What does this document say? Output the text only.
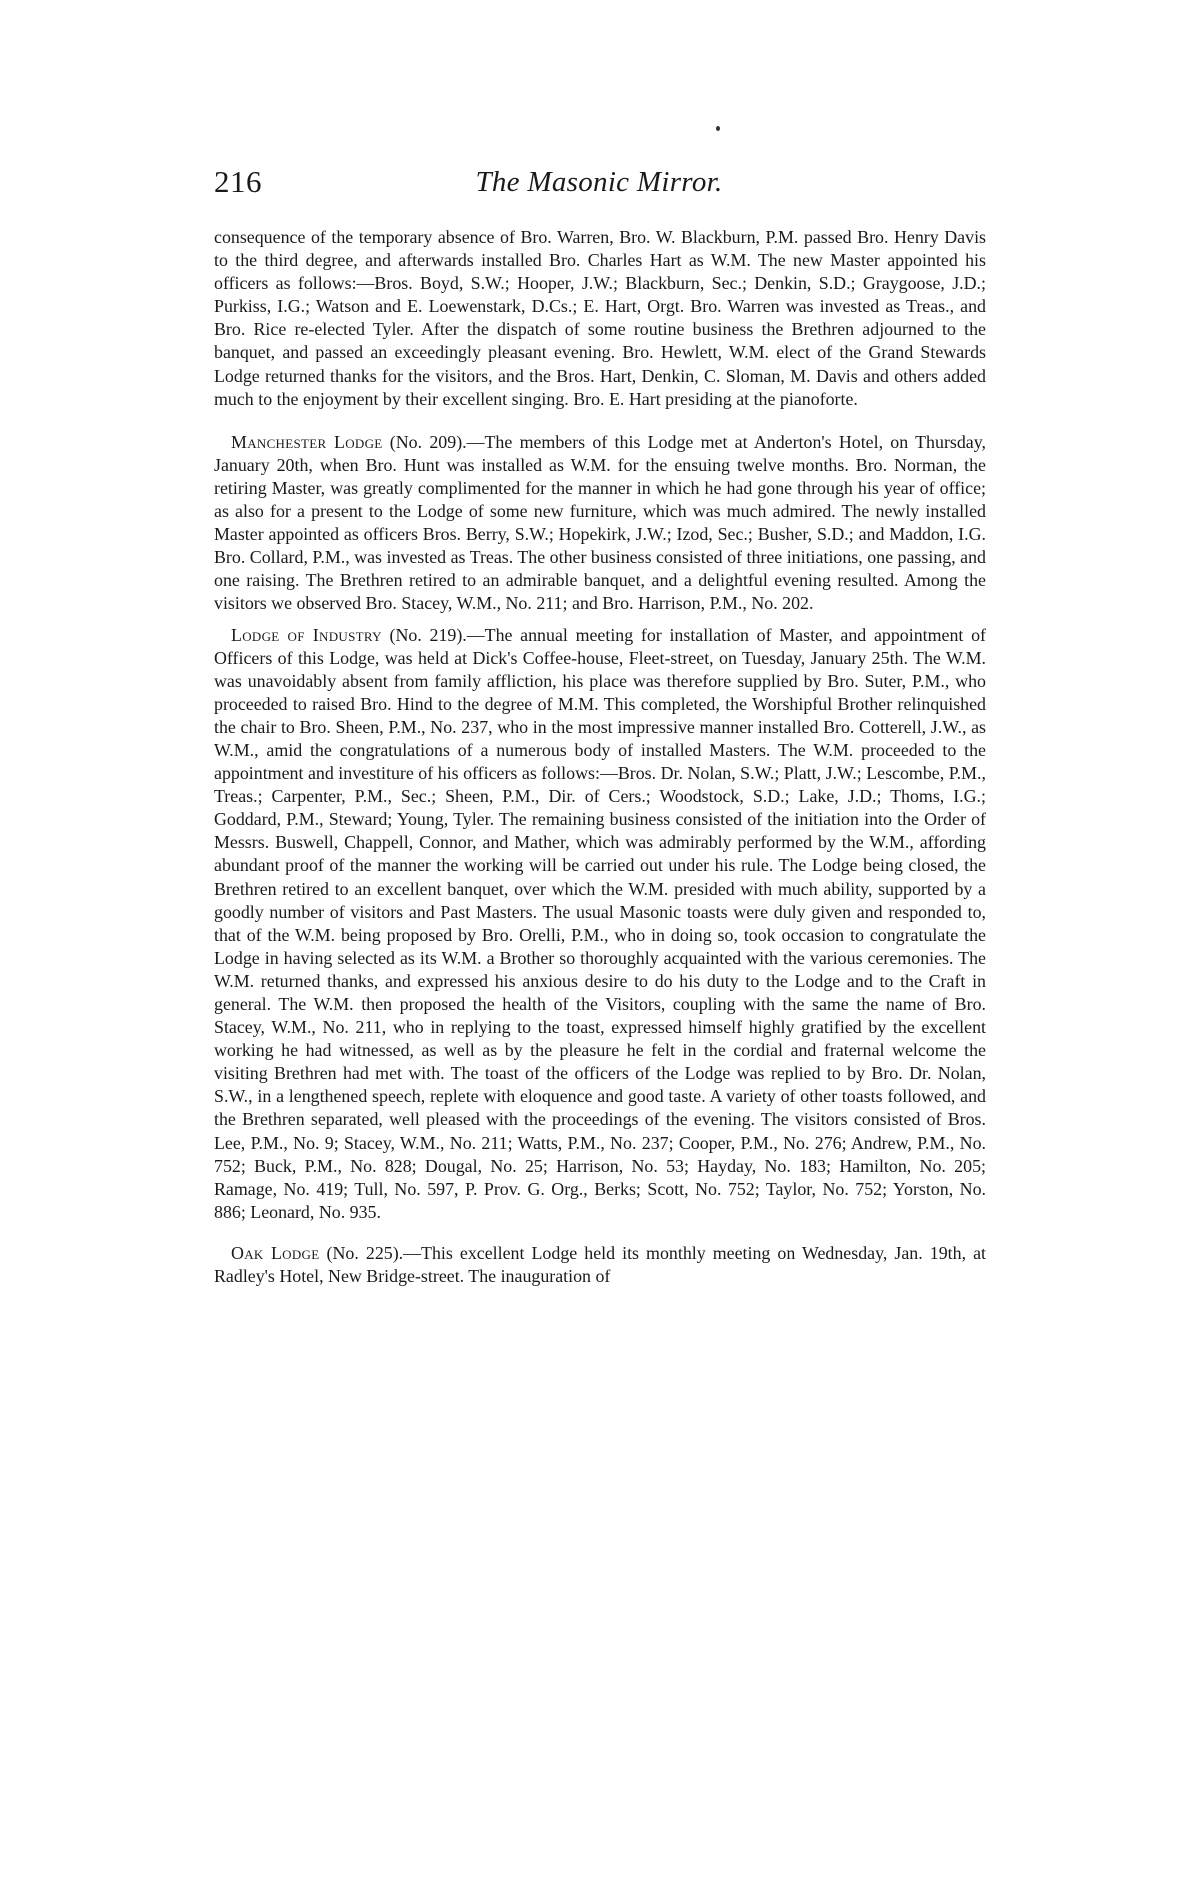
216	The Masonic Mirror.

consequence of the temporary absence of Bro. Warren, Bro. W. Blackburn, P.M. passed Bro. Henry Davis to the third degree, and afterwards installed Bro. Charles Hart as W.M. The new Master appointed his officers as follows:—Bros. Boyd, S.W.; Hooper, J.W.; Blackburn, Sec.; Denkin, S.D.; Graygoose, J.D.; Purkiss, I.G.; Watson and E. Loewenstark, D.Cs.; E. Hart, Orgt. Bro. Warren was invested as Treas., and Bro. Rice re-elected Tyler. After the dispatch of some routine business the Brethren adjourned to the banquet, and passed an exceedingly pleasant evening. Bro. Hewlett, W.M. elect of the Grand Stewards Lodge returned thanks for the visitors, and the Bros. Hart, Denkin, C. Sloman, M. Davis and others added much to the enjoyment by their excellent singing. Bro. E. Hart presiding at the pianoforte.

Manchester Lodge (No. 209).—The members of this Lodge met at Anderton's Hotel, on Thursday, January 20th, when Bro. Hunt was installed as W.M. for the ensuing twelve months. Bro. Norman, the retiring Master, was greatly complimented for the manner in which he had gone through his year of office; as also for a present to the Lodge of some new furniture, which was much admired. The newly installed Master appointed as officers Bros. Berry, S.W.; Hopekirk, J.W.; Izod, Sec.; Busher, S.D.; and Maddon, I.G. Bro. Collard, P.M., was invested as Treas. The other business consisted of three initiations, one passing, and one raising. The Brethren retired to an admirable banquet, and a delightful evening resulted. Among the visitors we observed Bro. Stacey, W.M., No. 211; and Bro. Harrison, P.M., No. 202.

Lodge of Industry (No. 219).—The annual meeting for installation of Master, and appointment of Officers of this Lodge, was held at Dick's Coffee-house, Fleet-street, on Tuesday, January 25th. The W.M. was unavoidably absent from family affliction, his place was therefore supplied by Bro. Suter, P.M., who proceeded to raised Bro. Hind to the degree of M.M. This completed, the Worshipful Brother relinquished the chair to Bro. Sheen, P.M., No. 237, who in the most impressive manner installed Bro. Cotterell, J.W., as W.M., amid the congratulations of a numerous body of installed Masters. The W.M. proceeded to the appointment and investiture of his officers as follows:—Bros. Dr. Nolan, S.W.; Platt, J.W.; Lescombe, P.M., Treas.; Carpenter, P.M., Sec.; Sheen, P.M., Dir. of Cers.; Woodstock, S.D.; Lake, J.D.; Thoms, I.G.; Goddard, P.M., Steward; Young, Tyler. The remaining business consisted of the initiation into the Order of Messrs. Buswell, Chappell, Connor, and Mather, which was admirably performed by the W.M., affording abundant proof of the manner the working will be carried out under his rule. The Lodge being closed, the Brethren retired to an excellent banquet, over which the W.M. presided with much ability, supported by a goodly number of visitors and Past Masters. The usual Masonic toasts were duly given and responded to, that of the W.M. being proposed by Bro. Orelli, P.M., who in doing so, took occasion to congratulate the Lodge in having selected as its W.M. a Brother so thoroughly acquainted with the various ceremonies. The W.M. returned thanks, and expressed his anxious desire to do his duty to the Lodge and to the Craft in general. The W.M. then proposed the health of the Visitors, coupling with the same the name of Bro. Stacey, W.M., No. 211, who in replying to the toast, expressed himself highly gratified by the excellent working he had witnessed, as well as by the pleasure he felt in the cordial and fraternal welcome the visiting Brethren had met with. The toast of the officers of the Lodge was replied to by Bro. Dr. Nolan, S.W., in a lengthened speech, replete with eloquence and good taste. A variety of other toasts followed, and the Brethren separated, well pleased with the proceedings of the evening. The visitors consisted of Bros. Lee, P.M., No. 9; Stacey, W.M., No. 211; Watts, P.M., No. 237; Cooper, P.M., No. 276; Andrew, P.M., No. 752; Buck, P.M., No. 828; Dougal, No. 25; Harrison, No. 53; Hayday, No. 183; Hamilton, No. 205; Ramage, No. 419; Tull, No. 597, P. Prov. G. Org., Berks; Scott, No. 752; Taylor, No. 752; Yorston, No. 886; Leonard, No. 935.

Oak Lodge (No. 225).—This excellent Lodge held its monthly meeting on Wednesday, Jan. 19th, at Radley's Hotel, New Bridge-street. The inauguration of
